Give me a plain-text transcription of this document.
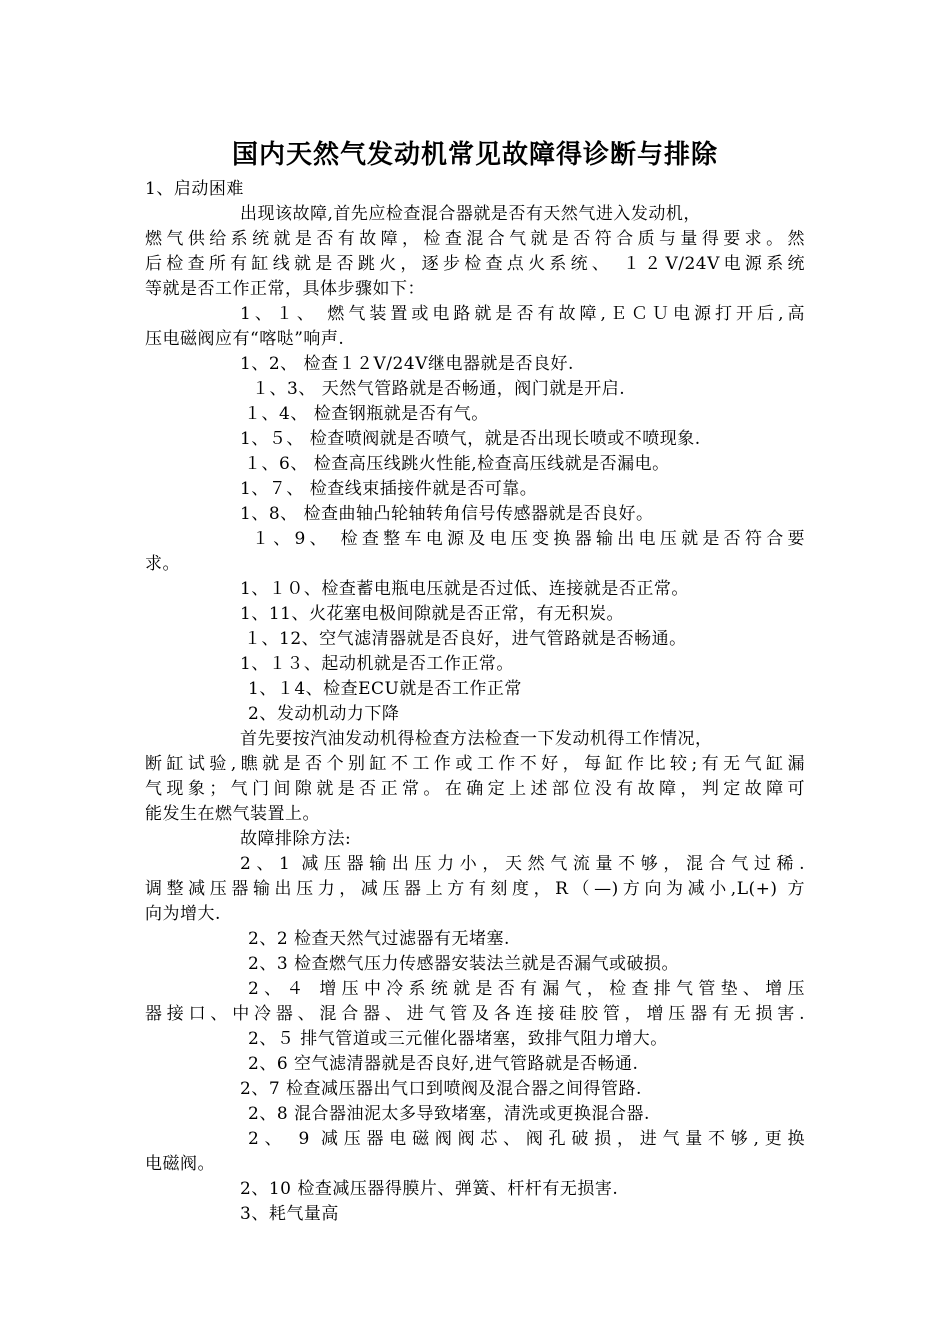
国内天然气发动机常见故障得诊断与排除
1、启动困难
出现该故障,首先应检查混合器就是否有天然气进入发动机，
燃气供给系统就是否有故障，检查混合气就是否符合质与量得要求。然
后检查所有缸线就是否跳火，逐步检查点火系统、 １２V/24V电源系统
等就是否工作正常，具体步骤如下：
1、１、 燃气装置或电路就是否有故障,ＥＣＵ电源打开后,高
压电磁阀应有“喀哒”响声.
1、2、 检查１２V/24V继电器就是否良好.
１、3、 天然气管路就是否畅通，阀门就是开启.
１、4、 检查钢瓶就是否有气。
1、５、 检查喷阀就是否喷气，就是否出现长喷或不喷现象.
１、6、 检查高压线跳火性能,检查高压线就是否漏电。
1、７、 检查线束插接件就是否可靠。
1、8、 检查曲轴凸轮轴转角信号传感器就是否良好。
１、9、 检查整车电源及电压变换器输出电压就是否符合要
求。
1、１０、检查蓄电瓶电压就是否过低、连接就是否正常。
1、11、火花塞电极间隙就是否正常，有无积炭。
１、12、空气滤清器就是否良好，进气管路就是否畅通。
1、１３、起动机就是否工作正常。
1、１4、检查ECU就是否工作正常
2、发动机动力下降
首先要按汽油发动机得检查方法检查一下发动机得工作情况，
断缸试验,瞧就是否个别缸不工作或工作不好，每缸作比较;有无气缸漏
气现象；气门间隙就是否正常。在确定上述部位没有故障，判定故障可
能发生在燃气装置上。
故障排除方法:
2、1 减压器输出压力小，天然气流量不够，混合气过稀.
调整减压器输出压力，减压器上方有刻度，R（—)方向为减小,L(+) 方
向为增大.
2、2 检查天然气过滤器有无堵塞.
2、3 检查燃气压力传感器安装法兰就是否漏气或破损。
2、４ 增压中冷系统就是否有漏气，检查排气管垫、增压
器接口、中冷器、混合器、进气管及各连接硅胶管，增压器有无损害.
2、５ 排气管道或三元催化器堵塞，致排气阻力增大。
2、6 空气滤清器就是否良好,进气管路就是否畅通.
2、7 检查减压器出气口到喷阀及混合器之间得管路.
2、8 混合器油泥太多导致堵塞，清洗或更换混合器.
2、 9 减压器电磁阀阀芯、阀孔破损，进气量不够,更换
电磁阀。
2、10 检查减压器得膜片、弹簧、杆杆有无损害.
3、耗气量高
